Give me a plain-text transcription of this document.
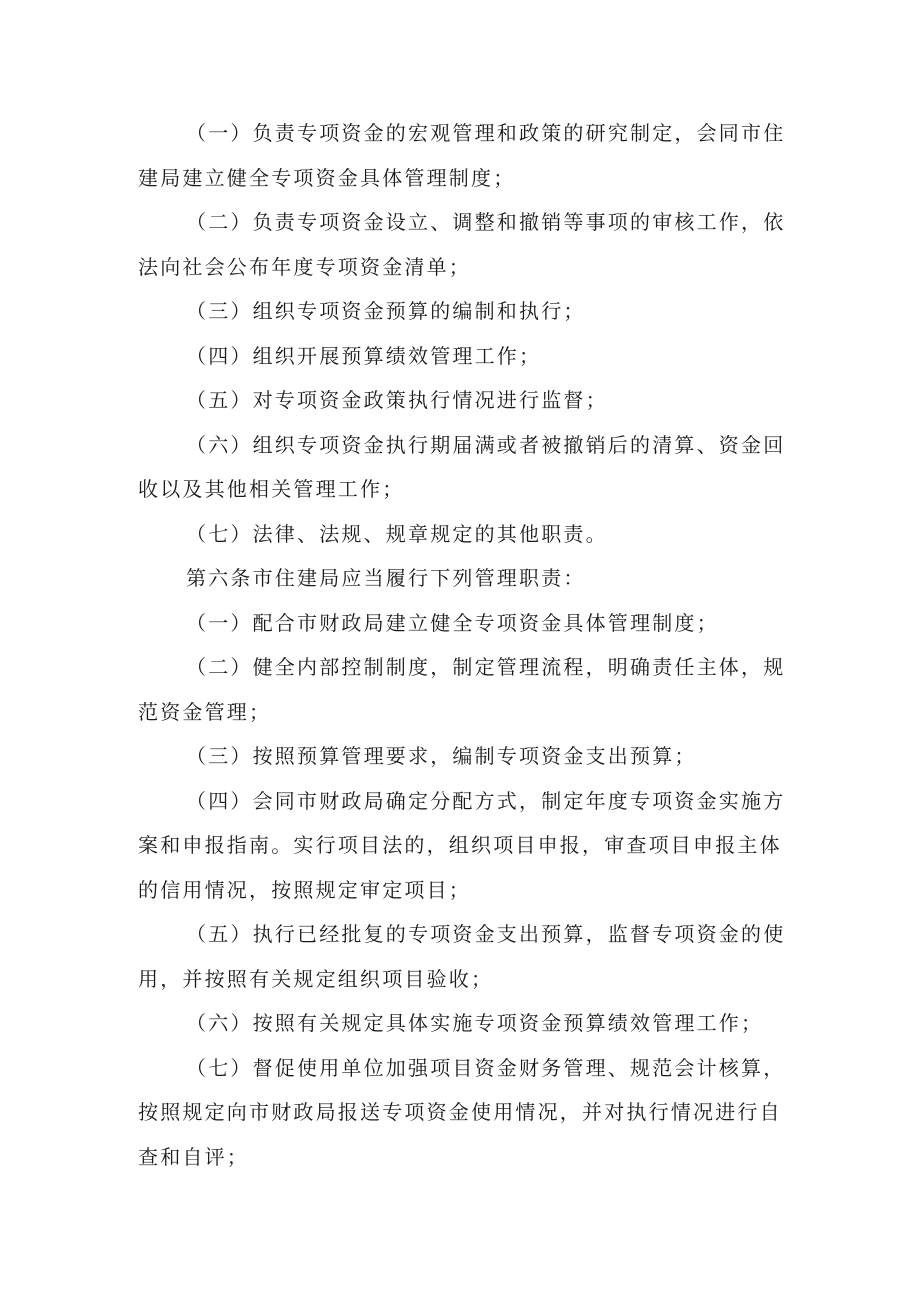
（一）负责专项资金的宏观管理和政策的研究制定，会同市住建局建立健全专项资金具体管理制度；

（二）负责专项资金设立、调整和撤销等事项的审核工作，依法向社会公布年度专项资金清单；

（三）组织专项资金预算的编制和执行；

（四）组织开展预算绩效管理工作；

（五）对专项资金政策执行情况进行监督；

（六）组织专项资金执行期届满或者被撤销后的清算、资金回收以及其他相关管理工作；

（七）法律、法规、规章规定的其他职责。

第六条市住建局应当履行下列管理职责：

（一）配合市财政局建立健全专项资金具体管理制度；

（二）健全内部控制制度，制定管理流程，明确责任主体，规范资金管理；

（三）按照预算管理要求，编制专项资金支出预算；

（四）会同市财政局确定分配方式，制定年度专项资金实施方案和申报指南。实行项目法的，组织项目申报，审查项目申报主体的信用情况，按照规定审定项目；

（五）执行已经批复的专项资金支出预算，监督专项资金的使用，并按照有关规定组织项目验收；

（六）按照有关规定具体实施专项资金预算绩效管理工作；

（七）督促使用单位加强项目资金财务管理、规范会计核算，按照规定向市财政局报送专项资金使用情况，并对执行情况进行自查和自评；
